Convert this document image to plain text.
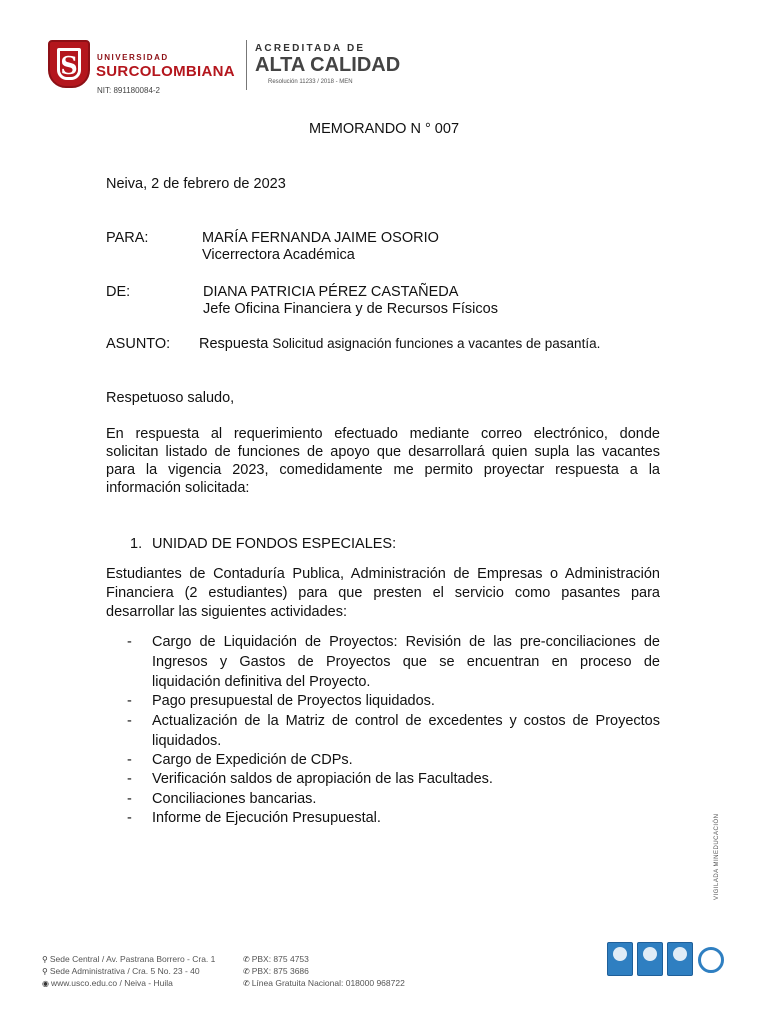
S	UNIVERSIDAD
SURCOLOMBIANA
NIT: 891180084-2
ACREDITADA DE
ALTA CALIDAD
Resolución 11233 / 2018 - MEN
MEMORANDO N ° 007
Neiva, 2 de febrero de 2023
PARA:	MARÍA FERNANDA JAIME OSORIO
Vicerrectora Académica
DE:	DIANA PATRICIA PÉREZ CASTAÑEDA
Jefe Oficina Financiera y de Recursos Físicos
ASUNTO: Respuesta Solicitud asignación funciones a vacantes de pasantía.
Respetuoso saludo,
En respuesta al requerimiento efectuado mediante correo electrónico, donde
solicitan listado de funciones de apoyo que desarrollará quien supla las vacantes
para la vigencia 2023, comedidamente me permito proyectar respuesta a la
información solicitada:
1. UNIDAD DE FONDOS ESPECIALES:
Estudiantes de Contaduría Publica, Administración de Empresas o Administración
Financiera (2 estudiantes) para que presten el servicio como pasantes para
desarrollar las siguientes actividades:
- Cargo de Liquidación de Proyectos: Revisión de las pre-conciliaciones de
Ingresos y Gastos de Proyectos que se encuentran en proceso de
liquidación definitiva del Proyecto.
- Pago presupuestal de Proyectos liquidados.
- Actualización de la Matriz de control de excedentes y costos de Proyectos
liquidados.
- Cargo de Expedición de CDPs.
- Verificación saldos de apropiación de las Facultades.
- Conciliaciones bancarias.
- Informe de Ejecución Presupuestal.	VIGILADA MINEDUCACIÓN
⚲ Sede Central / Av. Pastrana Borrero - Cra. 1
⚲ Sede Administrativa / Cra. 5 No. 23 - 40
◉ www.usco.edu.co / Neiva - Huila
✆ PBX: 875 4753
✆ PBX: 875 3686
✆ Línea Gratuita Nacional: 018000 968722
